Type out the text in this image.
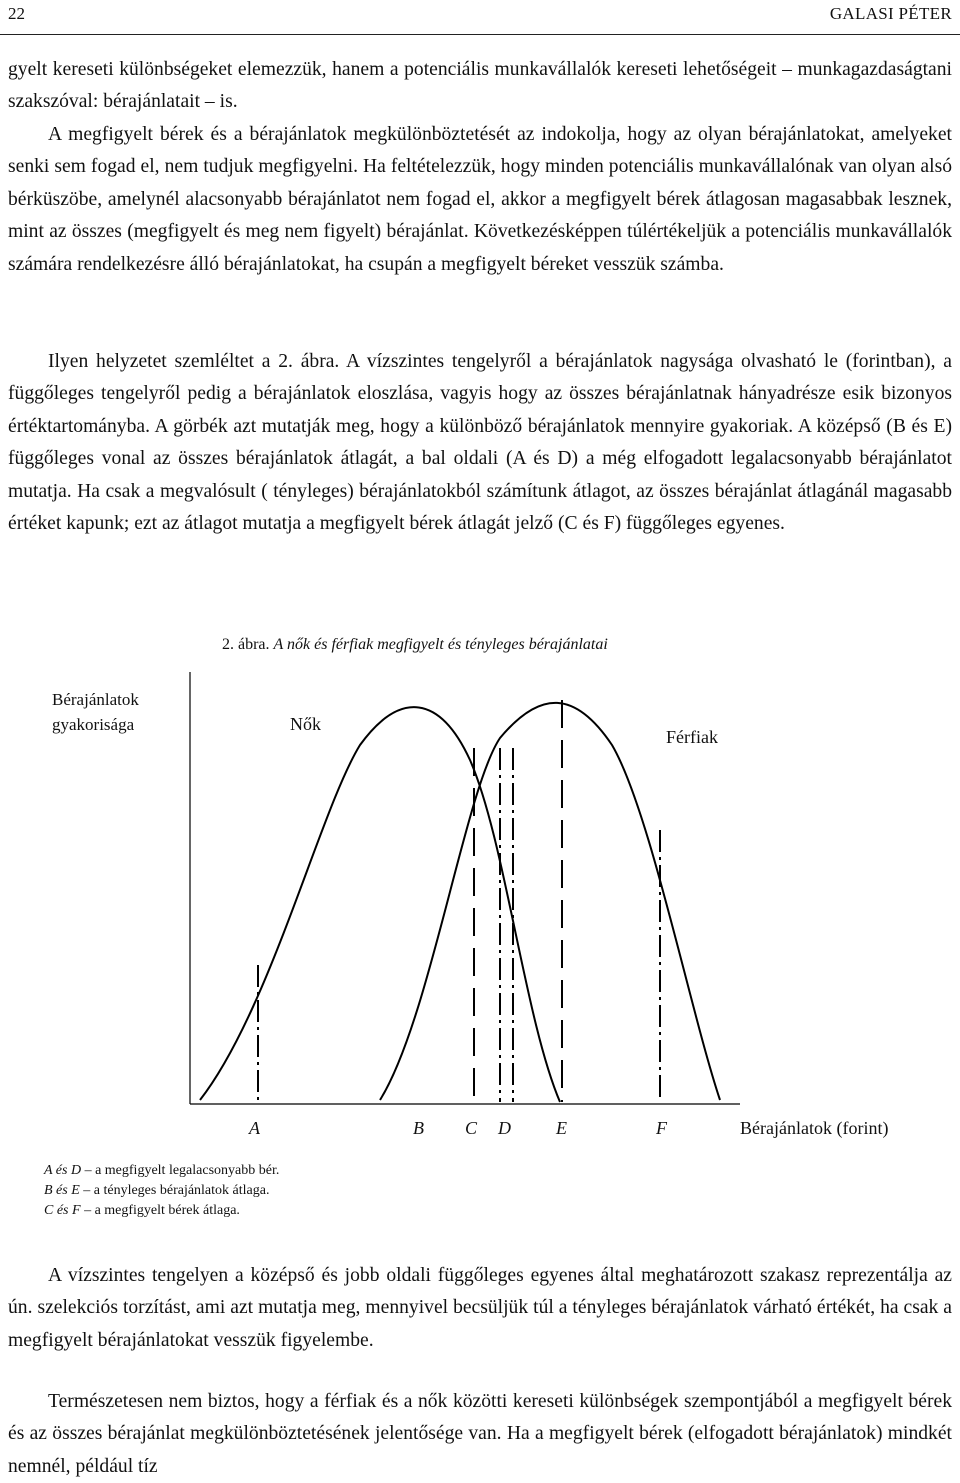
22	GALASI PÉTER

gyelt kereseti különbségeket elemezzük, hanem a potenciális munkavállalók kereseti lehetőségeit – munkagazdaságtani szakszóval: bérajánlatait – is.

A megfigyelt bérek és a bérajánlatok megkülönböztetését az indokolja, hogy az olyan bérajánlatokat, amelyeket senki sem fogad el, nem tudjuk megfigyelni. Ha feltételezzük, hogy minden potenciális munkavállalónak van olyan alsó bérküszöbe, amelynél alacsonyabb bérajánlatot nem fogad el, akkor a megfigyelt bérek átlagosan magasabbak lesznek, mint az összes (megfigyelt és meg nem figyelt) bérajánlat. Következésképpen túlértékeljük a potenciális munkavállalók számára rendelkezésre álló bérajánlatokat, ha csupán a megfigyelt béreket vesszük számba.

Ilyen helyzetet szemléltet a 2. ábra. A vízszintes tengelyről a bérajánlatok nagysága olvasható le (forintban), a függőleges tengelyről pedig a bérajánlatok eloszlása, vagyis hogy az összes bérajánlatnak hányadrésze esik bizonyos értéktartományba. A görbék azt mutatják meg, hogy a különböző bérajánlatok mennyire gyakoriak. A középső (B és E) függőleges vonal az összes bérajánlatok átlagát, a bal oldali (A és D) a még elfogadott legalacsonyabb bérajánlatot mutatja. Ha csak a megvalósult ( tényleges) bérajánlatokból számítunk átlagot, az összes bérajánlat átlagánál magasabb értéket kapunk; ezt az átlagot mutatja a megfigyelt bérek átlagát jelző (C és F) függőleges egyenes.

2. ábra. A nők és férfiak megfigyelt és tényleges bérajánlatai

Bérajánlatok
gyakorisága	Nők
Férfiak
A	B C D	E	F	Bérajánlatok (forint)
A és D – a megfigyelt legalacsonyabb bér.
B és E – a tényleges bérajánlatok átlaga.
C és F – a megfigyelt bérek átlaga.

A vízszintes tengelyen a középső és jobb oldali függőleges egyenes által meghatározott szakasz reprezentálja az ún. szelekciós torzítást, ami azt mutatja meg, mennyivel becsüljük túl a tényleges bérajánlatok várható értékét, ha csak a megfigyelt bérajánlatokat vesszük figyelembe.

Természetesen nem biztos, hogy a férfiak és a nők közötti kereseti különbségek szempontjából a megfigyelt bérek és az összes bérajánlat megkülönböztetésének jelentősége van. Ha a megfigyelt bérek (elfogadott bérajánlatok) mindkét nemnél, például tíz
